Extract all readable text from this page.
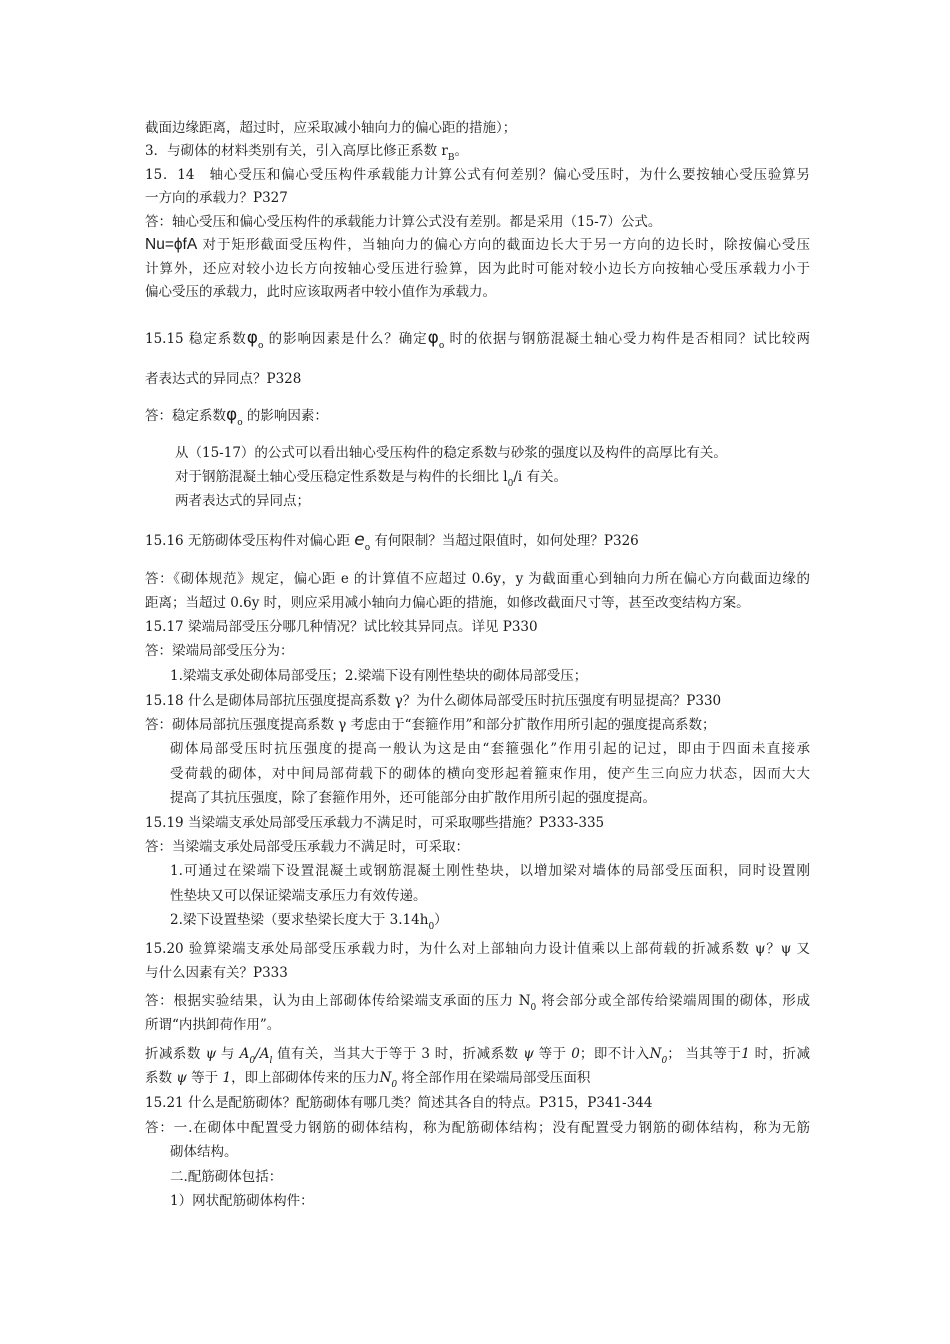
截面边缘距离，超过时，应采取减小轴向力的偏心距的措施）；
3．与砌体的材料类别有关，引入高厚比修正系数 $r_B$。
15．14　轴心受压和偏心受压构件承载能力计算公式有何差别？偏心受压时，为什么要按轴心受压验算另
一方向的承载力？P327
答：轴心受压和偏心受压构件的承载能力计算公式没有差别。都是采用（15-7）公式。
Nu=ϕfA 对于矩形截面受压构件，当轴向力的偏心方向的截面边长大于另一方向的边长时，除按偏心受压
计算外，还应对较小边长方向按轴心受压进行验算，因为此时可能对较小边长方向按轴心受压承载力小于
偏心受压的承载力，此时应该取两者中较小值作为承载力。
15.15 稳定系数$\varphi_o$ 的影响因素是什么？确定$\varphi_o$ 时的依据与钢筋混凝土轴心受力构件是否相同？试比较两
者表达式的异同点？P328
答：稳定系数$\varphi_o$ 的影响因素：
从（15-17）的公式可以看出轴心受压构件的稳定系数与砂浆的强度以及构件的高厚比有关。
对于钢筋混凝土轴心受压稳定性系数是与构件的长细比 $l_0/i$ 有关。
两者表达式的异同点；
15.16 无筋砌体受压构件对偏心距 $e_o$ 有何限制？当超过限值时，如何处理？P326
答：《砌体规范》规定，偏心距 e 的计算值不应超过 0.6y，y 为截面重心到轴向力所在偏心方向截面边缘的
距离；当超过 0.6y 时，则应采用减小轴向力偏心距的措施，如修改截面尺寸等，甚至改变结构方案。
15.17 梁端局部受压分哪几种情况？试比较其异同点。详见 P330
答：梁端局部受压分为：
1.梁端支承处砌体局部受压；2.梁端下设有刚性垫块的砌体局部受压；
15.18 什么是砌体局部抗压强度提高系数 γ？为什么砌体局部受压时抗压强度有明显提高？P330
答：砌体局部抗压强度提高系数 γ 考虑由于“套箍作用”和部分扩散作用所引起的强度提高系数；
砌体局部受压时抗压强度的提高一般认为这是由“套箍强化”作用引起的记过，即由于四面未直接承
受荷载的砌体，对中间局部荷载下的砌体的横向变形起着箍束作用，使产生三向应力状态，因而大大
提高了其抗压强度，除了套箍作用外，还可能部分由扩散作用所引起的强度提高。
15.19 当梁端支承处局部受压承载力不满足时，可采取哪些措施？P333-335
答：当梁端支承处局部受压承载力不满足时，可采取：
1.可通过在梁端下设置混凝土或钢筋混凝土刚性垫块，以增加梁对墙体的局部受压面积，同时设置刚
性垫块又可以保证梁端支承压力有效传递。
2.梁下设置垫梁（要求垫梁长度大于 $3.14h_0$）
15.20 验算梁端支承处局部受压承载力时，为什么对上部轴向力设计值乘以上部荷载的折减系数 ψ？ψ 又
与什么因素有关？P333
答：根据实验结果，认为由上部砌体传给梁端支承面的压力 $N_0$ 将会部分或全部传给梁端周围的砌体，形成
所谓“内拱卸荷作用”。
折减系数 ψ 与 $A_0/A_l$ 值有关，当其大于等于 3 时，折减系数 ψ 等于 0；即不计入$N_0$； 当其等于1 时，折减
系数 ψ 等于 1，即上部砌体传来的压力$N_0$ 将全部作用在梁端局部受压面积
15.21 什么是配筋砌体？配筋砌体有哪几类？简述其各自的特点。P315，P341-344
答：一.在砌体中配置受力钢筋的砌体结构，称为配筋砌体结构；没有配置受力钢筋的砌体结构，称为无筋
砌体结构。
二.配筋砌体包括：
1）网状配筋砌体构件：
